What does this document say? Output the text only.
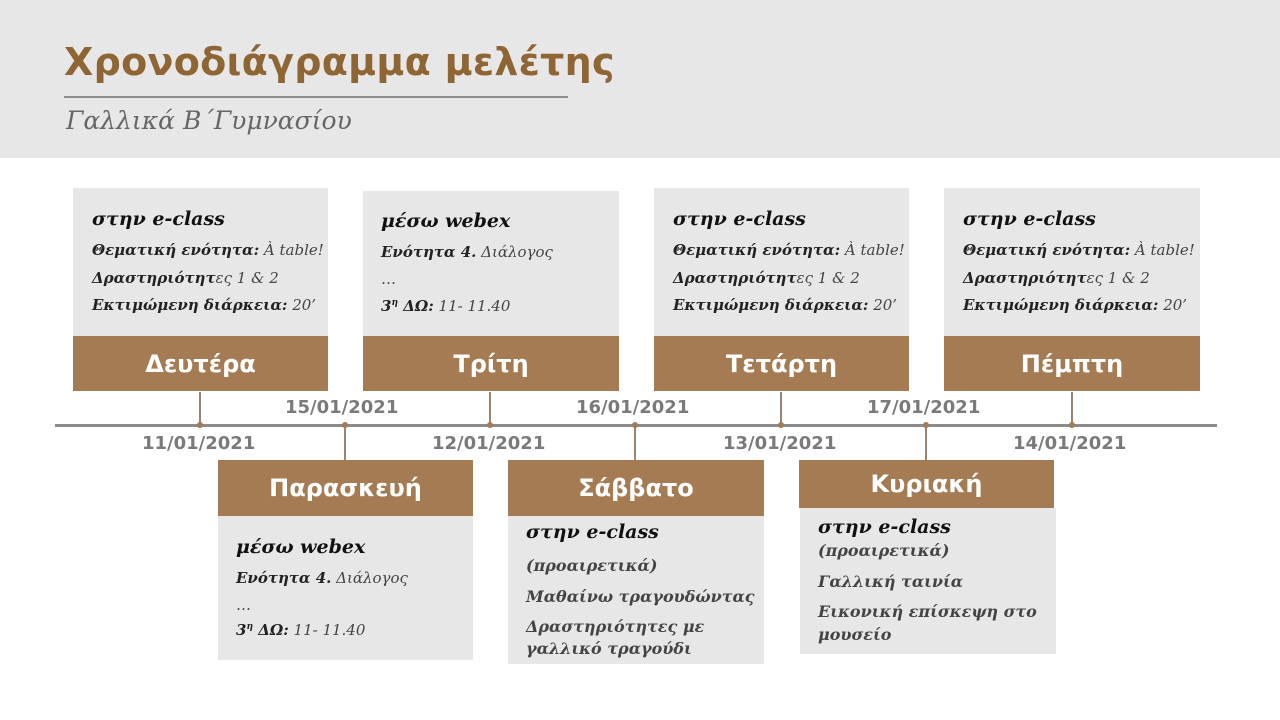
Χρονοδιάγραμμα μελέτης
Γαλλικά Β΄Γυμνασίου
11/01/2021	12/01/2021	13/01/2021	14/01/2021
15/01/2021	16/01/2021	17/01/2021
στην e-class
Θεματική ενότητα: À table!
Δραστηριότητες 1 & 2
Εκτιμώμενη διάρκεια: 20’
Δευτέρα
μέσω webex
Ενότητα 4. Διάλογος
…
$3^\eta$ ΔΩ: 11- 11.40
Τρίτη
στην e-class
Θεματική ενότητα: À table!
Δραστηριότητες 1 & 2
Εκτιμώμενη διάρκεια: 20’
Τετάρτη
στην e-class
Θεματική ενότητα: À table!
Δραστηριότητες 1 & 2
Εκτιμώμενη διάρκεια: 20’
Πέμπτη
Παρασκευή
μέσω webex
Ενότητα 4. Διάλογος
…
$3^\eta$ ΔΩ: 11- 11.40
Σάββατο
στην e-class
(προαιρετικά)
Μαθαίνω τραγουδώντας
Δραστηριότητες με
γαλλικό τραγούδι
Κυριακή
στην e-class
(προαιρετικά)
Γαλλική ταινία
Εικονική επίσκεψη στο
μουσείο
